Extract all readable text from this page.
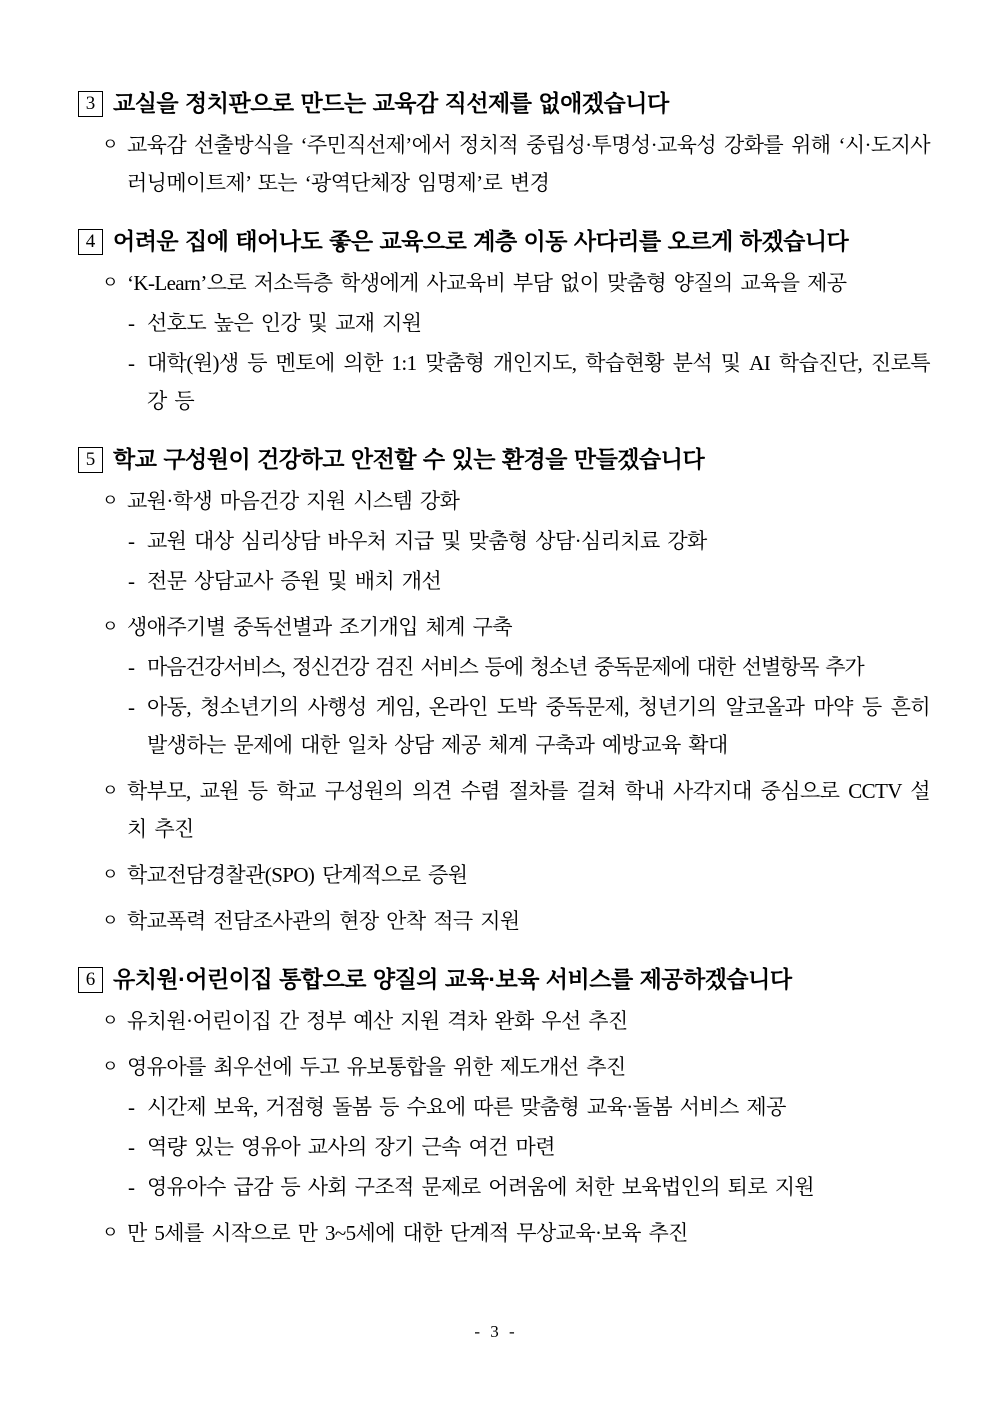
3 교실을 정치판으로 만드는 교육감 직선제를 없애겠습니다
ㅇ 교육감 선출방식을 ‘주민직선제’에서 정치적 중립성·투명성·교육성 강화를 위해 ‘시·도지사 러닝메이트제’ 또는 ‘광역단체장 임명제’로 변경

4 어려운 집에 태어나도 좋은 교육으로 계층 이동 사다리를 오르게 하겠습니다
ㅇ ‘K-Learn’으로 저소득층 학생에게 사교육비 부담 없이 맞춤형 양질의 교육을 제공

- 선호도 높은 인강 및 교재 지원

- 대학(원)생 등 멘토에 의한 1:1 맞춤형 개인지도, 학습현황 분석 및 AI 학습진단, 진로특강 등

5 학교 구성원이 건강하고 안전할 수 있는 환경을 만들겠습니다
ㅇ 교원·학생 마음건강 지원 시스템 강화

- 교원 대상 심리상담 바우처 지급 및 맞춤형 상담·심리치료 강화

- 전문 상담교사 증원 및 배치 개선

ㅇ 생애주기별 중독선별과 조기개입 체계 구축

- 마음건강서비스, 정신건강 검진 서비스 등에 청소년 중독문제에 대한 선별항목 추가

- 아동, 청소년기의 사행성 게임, 온라인 도박 중독문제, 청년기의 알코올과 마약 등 흔히 발생하는 문제에 대한 일차 상담 제공 체계 구축과 예방교육 확대

ㅇ 학부모, 교원 등 학교 구성원의 의견 수렴 절차를 걸쳐 학내 사각지대 중심으로 CCTV 설치 추진

ㅇ 학교전담경찰관(SPO) 단계적으로 증원

ㅇ 학교폭력 전담조사관의 현장 안착 적극 지원

6 유치원·어린이집 통합으로 양질의 교육·보육 서비스를 제공하겠습니다
ㅇ 유치원·어린이집 간 정부 예산 지원 격차 완화 우선 추진

ㅇ 영유아를 최우선에 두고 유보통합을 위한 제도개선 추진

- 시간제 보육, 거점형 돌봄 등 수요에 따른 맞춤형 교육·돌봄 서비스 제공

- 역량 있는 영유아 교사의 장기 근속 여건 마련

- 영유아수 급감 등 사회 구조적 문제로 어려움에 처한 보육법인의 퇴로 지원

ㅇ 만 5세를 시작으로 만 3~5세에 대한 단계적 무상교육·보육 추진

- 3 -
